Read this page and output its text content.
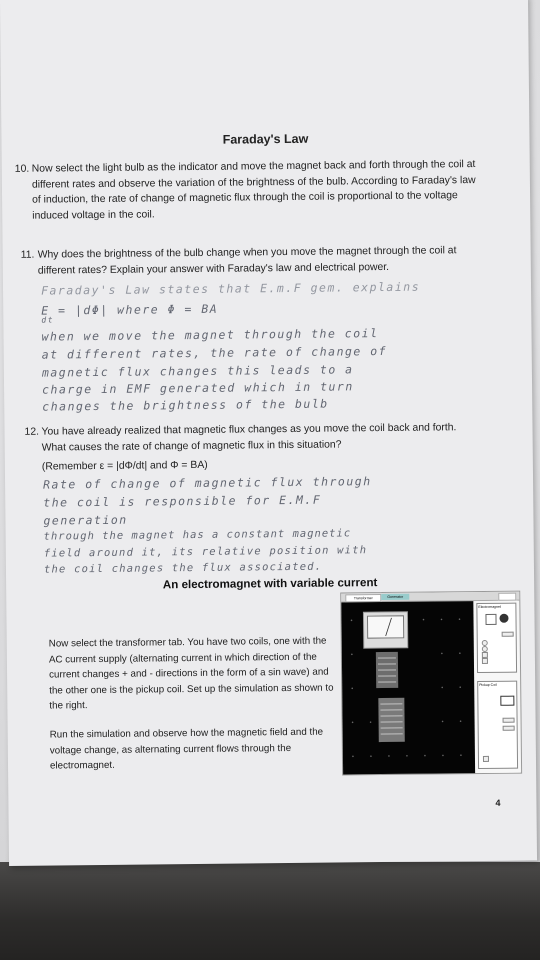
Faraday's Law
10. Now select the light bulb as the indicator and move the magnet back and forth through the coil at different rates and observe the variation of the brightness of the bulb. According to Faraday's law of induction, the rate of change of magnetic flux through the coil is proportional to the voltage induced voltage in the coil.
11. Why does the brightness of the bulb change when you move the magnet through the coil at different rates? Explain your answer with Faraday's law and electrical power.
Faraday's Law states that E.m.F gem. explains
E = |dΦ| where Φ = BA
dt
when we move the magnet through the coil
at different rates, the rate of change of
magnetic flux changes this leads to a
charge in EMF generated which in turn
changes the brightness of the bulb
12. You have already realized that magnetic flux changes as you move the coil back and forth. What causes the rate of change of magnetic flux in this situation?
(Remember ε = |dΦ/dt| and Φ = BA)
Rate of change of magnetic flux through
the coil is responsible for E.M.F
generation
through the magnet has a constant magnetic
field around it, its relative position with
the coil changes the flux associated.
An electromagnet with variable current
Now select the transformer tab. You have two coils, one with the AC current supply (alternating current in which direction of the current changes + and - directions in the form of a sin wave) and the other one is the pickup coil. Set up the simulation as shown to the right.
Run the simulation and observe how the magnetic field and the voltage change, as alternating current flows through the electromagnet.
Transformer	Generator
Electromagnet
Pickup Coil
4
